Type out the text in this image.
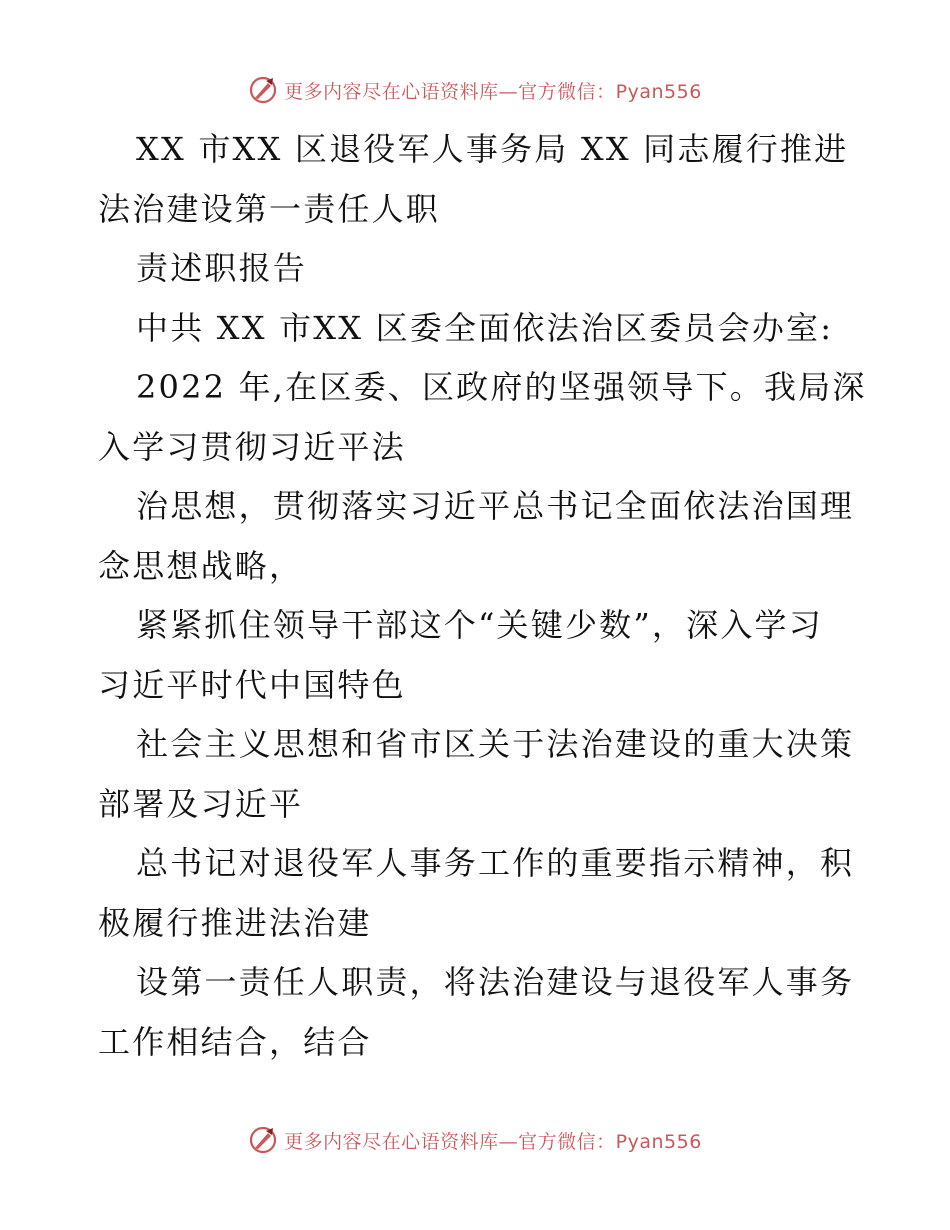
更多内容尽在心语资料库—官方微信：Pyan556
XX 市XX 区退役军人事务局 XX 同志履行推进
法治建设第一责任人职
责述职报告
中共 XX 市XX 区委全面依法治区委员会办室:
2022 年,在区委、区政府的坚强领导下。我局深
入学习贯彻习近平法
治思想，贯彻落实习近平总书记全面依法治国理
念思想战略，
紧紧抓住领导干部这个“关键少数”，深入学习
习近平时代中国特色
社会主义思想和省市区关于法治建设的重大决策
部署及习近平
总书记对退役军人事务工作的重要指示精神，积
极履行推进法治建
设第一责任人职责，将法治建设与退役军人事务
工作相结合，结合
更多内容尽在心语资料库—官方微信：Pyan556
